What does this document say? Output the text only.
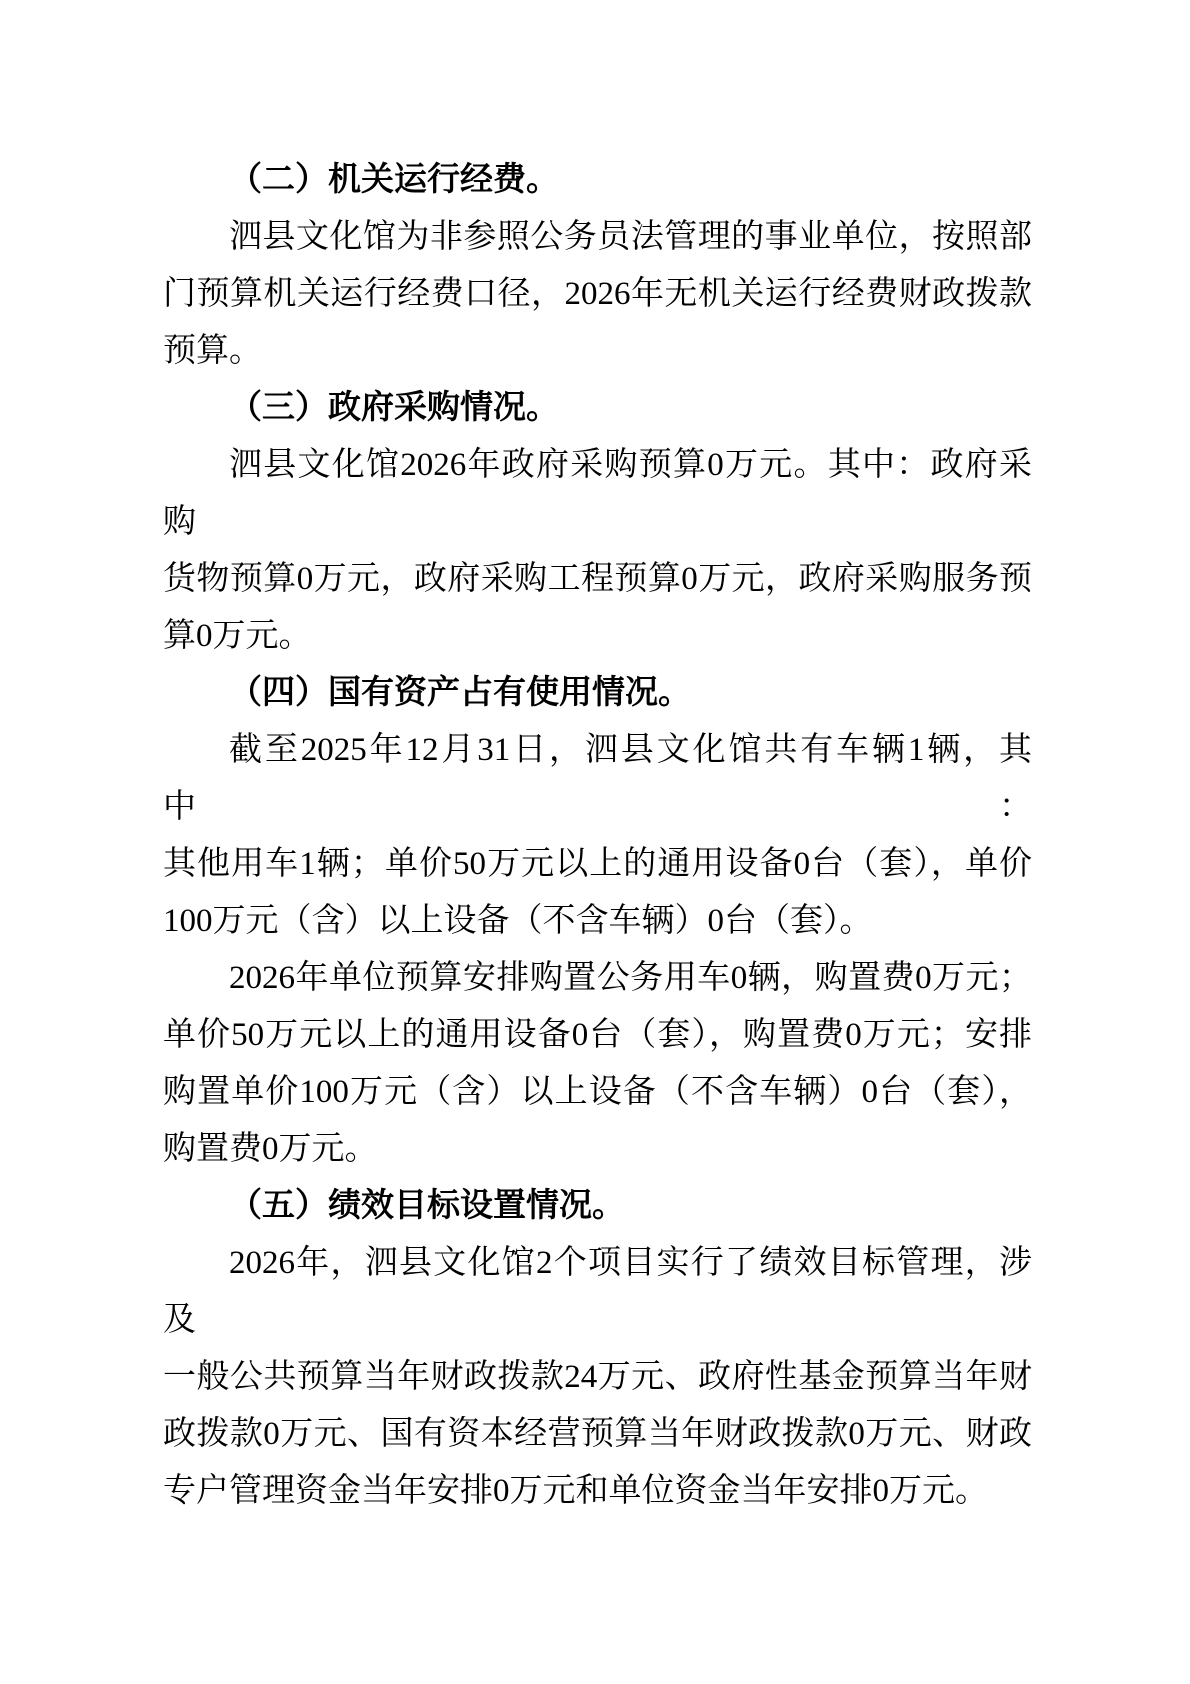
（二）机关运行经费。
泗县文化馆为非参照公务员法管理的事业单位，按照部
门预算机关运行经费口径，2026年无机关运行经费财政拨款
预算。
（三）政府采购情况。
泗县文化馆2026年政府采购预算0万元。其中：政府采购
货物预算0万元，政府采购工程预算0万元，政府采购服务预
算0万元。
（四）国有资产占有使用情况。
截至2025年12月31日，泗县文化馆共有车辆1辆，其中：
其他用车1辆；单价50万元以上的通用设备0台（套），单价
100万元（含）以上设备（不含车辆）0台（套）。
2026年单位预算安排购置公务用车0辆，购置费0万元；
单价50万元以上的通用设备0台（套），购置费0万元；安排
购置单价100万元（含）以上设备（不含车辆）0台（套），
购置费0万元。
（五）绩效目标设置情况。
2026年，泗县文化馆2个项目实行了绩效目标管理，涉及
一般公共预算当年财政拨款24万元、政府性基金预算当年财
政拨款0万元、国有资本经营预算当年财政拨款0万元、财政
专户管理资金当年安排0万元和单位资金当年安排0万元。
